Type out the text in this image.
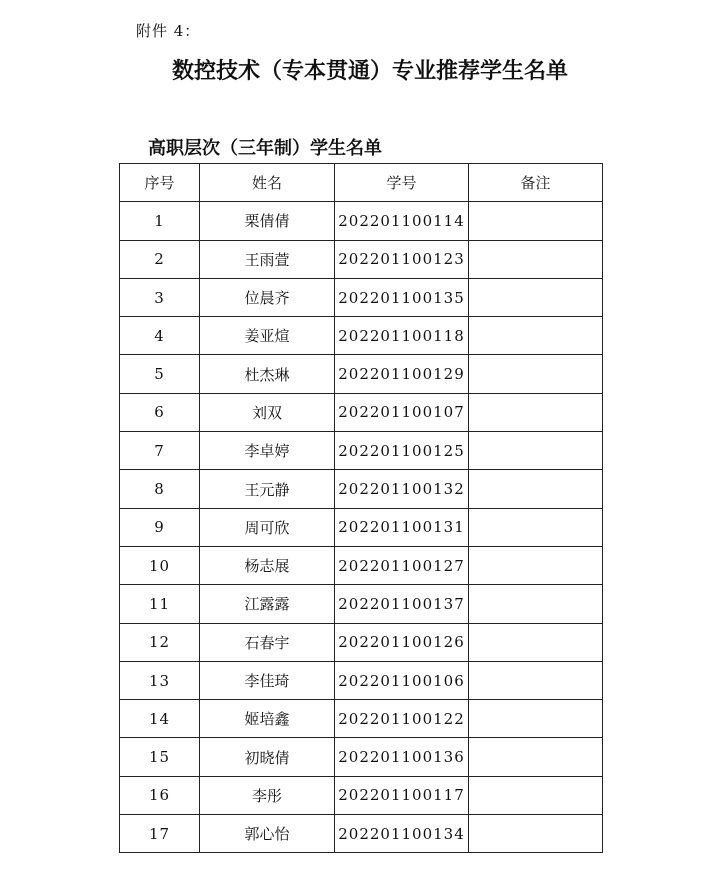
附件 4：
数控技术（专本贯通）专业推荐学生名单
高职层次（三年制）学生名单
序号	姓名	学号	备注
1	栗倩倩	202201100114	
2	王雨萱	202201100123	
3	位晨齐	202201100135	
4	姜亚煊	202201100118	
5	杜杰琳	202201100129	
6	刘双	202201100107	
7	李卓婷	202201100125	
8	王元静	202201100132	
9	周可欣	202201100131	
10	杨志展	202201100127	
11	江露露	202201100137	
12	石春宇	202201100126	
13	李佳琦	202201100106	
14	姬培鑫	202201100122	
15	初晓倩	202201100136	
16	李彤	202201100117	
17	郭心怡	202201100134	
